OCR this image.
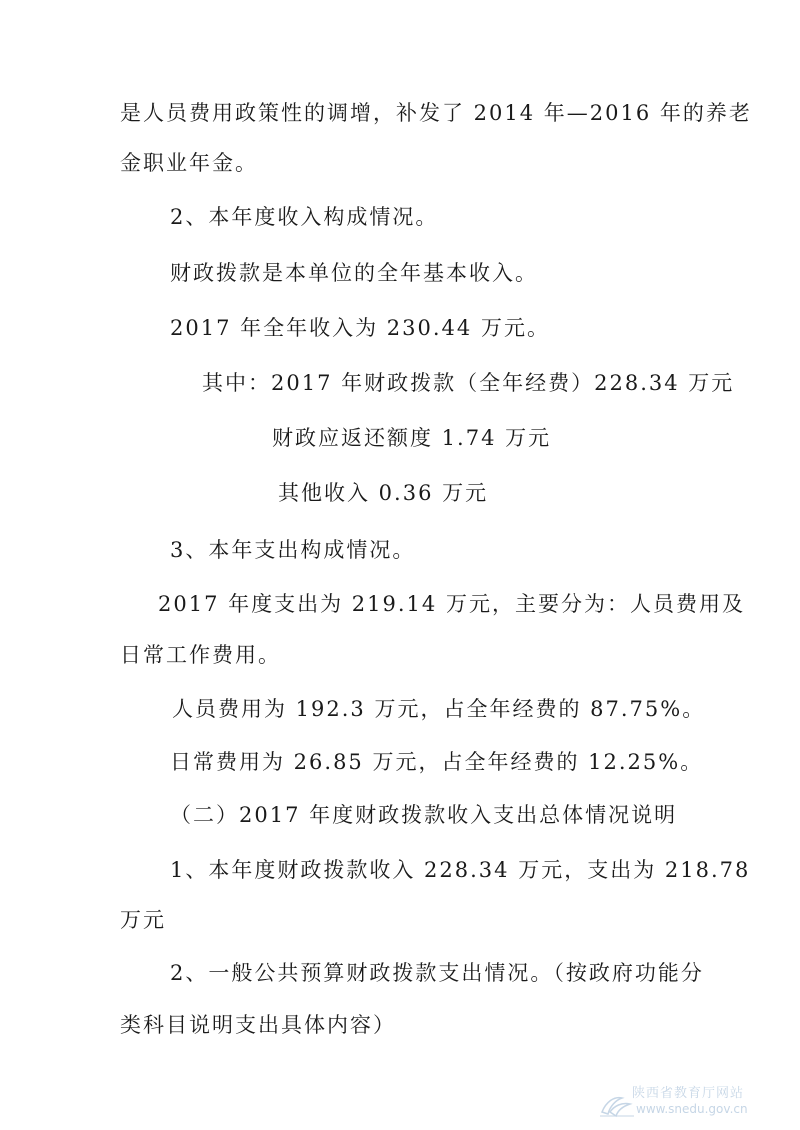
是人员费用政策性的调增，补发了 2014 年—2016 年的养老
金职业年金。
2、本年度收入构成情况。
财政拨款是本单位的全年基本收入。
2017 年全年收入为 230.44 万元。
其中：2017 年财政拨款（全年经费）228.34 万元
财政应返还额度 1.74 万元
其他收入 0.36 万元
3、本年支出构成情况。
2017 年度支出为 219.14 万元，主要分为：人员费用及
日常工作费用。
人员费用为 192.3 万元，占全年经费的 87.75%。
日常费用为 26.85 万元，占全年经费的 12.25%。
（二）2017 年度财政拨款收入支出总体情况说明
1、本年度财政拨款收入 228.34 万元，支出为 218.78
万元
2、一般公共预算财政拨款支出情况。（按政府功能分
类科目说明支出具体内容）
陕西省教育厅网站
www.snedu.gov.cn
